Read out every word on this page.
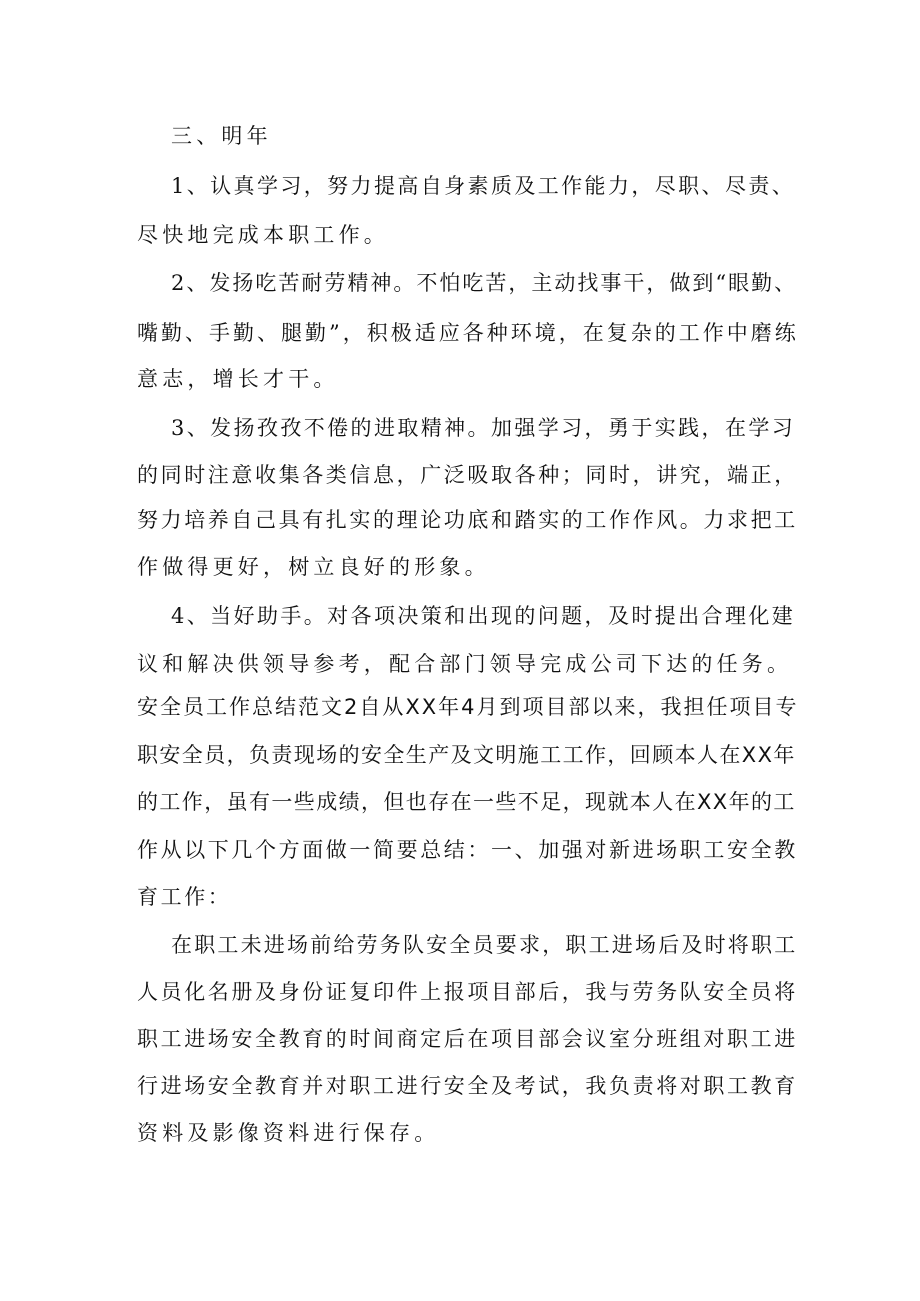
三、明年

1、认真学习，努力提高自身素质及工作能力，尽职、尽责、

尽快地完成本职工作。

2、发扬吃苦耐劳精神。不怕吃苦，主动找事干，做到“眼勤、

嘴勤、手勤、腿勤”，积极适应各种环境，在复杂的工作中磨练

意志，增长才干。

3、发扬孜孜不倦的进取精神。加强学习，勇于实践，在学习

的同时注意收集各类信息，广泛吸取各种；同时，讲究，端正，

努力培养自己具有扎实的理论功底和踏实的工作作风。力求把工

作做得更好，树立良好的形象。

4、当好助手。对各项决策和出现的问题，及时提出合理化建

议和解决供领导参考，配合部门领导完成公司下达的任务。

安全员工作总结范文2自从XX年4月到项目部以来，我担任项目专

职安全员，负责现场的安全生产及文明施工工作，回顾本人在XX年

的工作，虽有一些成绩，但也存在一些不足，现就本人在XX年的工

作从以下几个方面做一简要总结：一、加强对新进场职工安全教

育工作：

在职工未进场前给劳务队安全员要求，职工进场后及时将职工

人员化名册及身份证复印件上报项目部后，我与劳务队安全员将

职工进场安全教育的时间商定后在项目部会议室分班组对职工进

行进场安全教育并对职工进行安全及考试，我负责将对职工教育

资料及影像资料进行保存。
